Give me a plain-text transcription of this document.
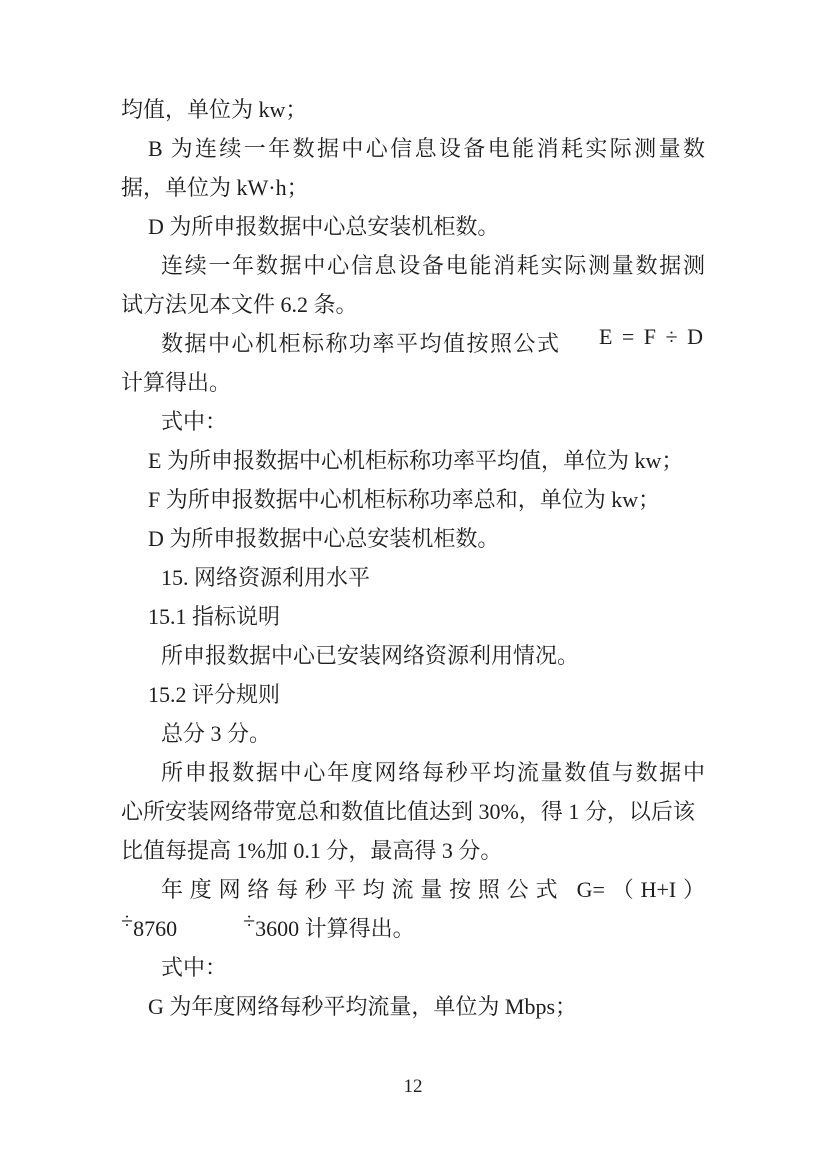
均值，单位为 kw；
B 为连续一年数据中心信息设备电能消耗实际测量数
据，单位为 kW·h；
D 为所申报数据中心总安装机柜数。
连续一年数据中心信息设备电能消耗实际测量数据测
试方法见本文件 6.2 条。
数据中心机柜标称功率平均值按照公式 E = F ÷ D
计算得出。
式中：
E 为所申报数据中心机柜标称功率平均值，单位为 kw；
F 为所申报数据中心机柜标称功率总和，单位为 kw；
D 为所申报数据中心总安装机柜数。
15. 网络资源利用水平
15.1 指标说明
所申报数据中心已安装网络资源利用情况。
15.2 评分规则
总分 3 分。
所申报数据中心年度网络每秒平均流量数值与数据中
心所安装网络带宽总和数值比值达到 30%，得 1 分，以后该
比值每提高 1%加 0.1 分，最高得 3 分。
年度网络每秒平均流量按照公式 G=（H+I）
÷8760	÷3600 计算得出。
式中：
G 为年度网络每秒平均流量，单位为 Mbps；
12
